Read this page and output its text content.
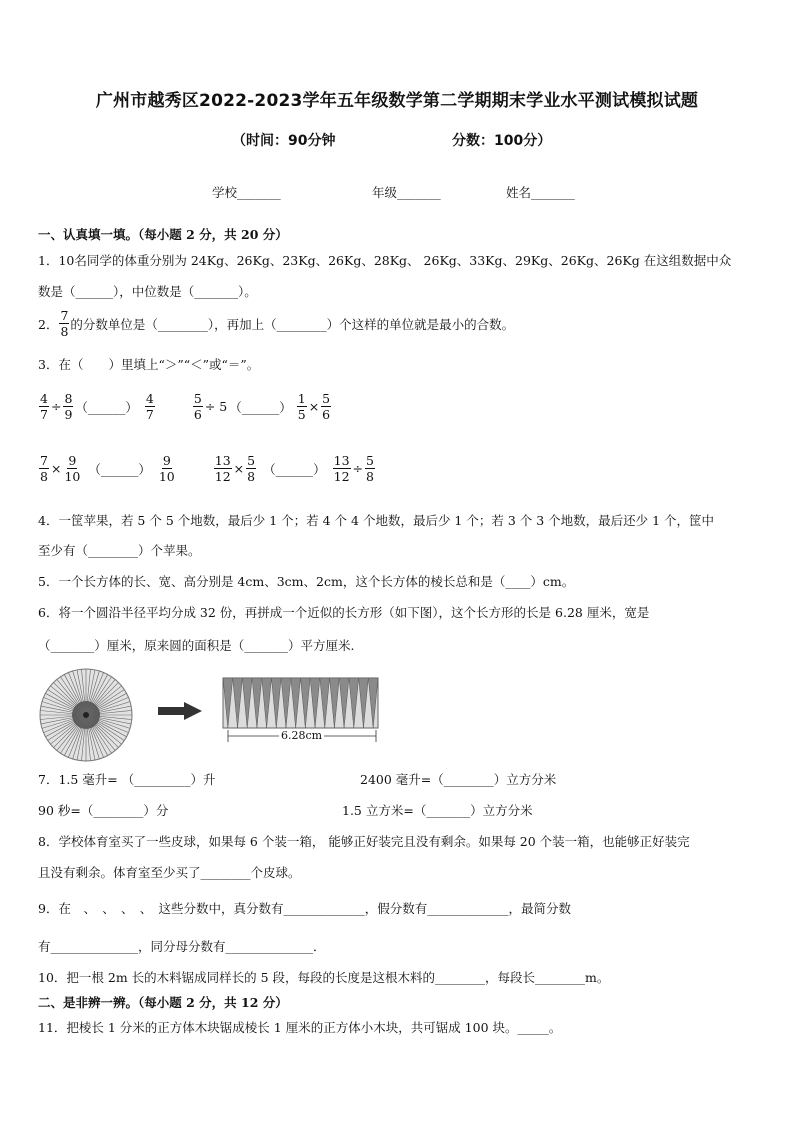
广州市越秀区2022-2023学年五年级数学第二学期期末学业水平测试模拟试题
（时间：90分钟	分数：100分）
学校_______	年级_______	姓名_______
一、认真填一填。（每小题 2 分，共 20 分）
1．10名同学的体重分别为 24Kg、26Kg、23Kg、26Kg、28Kg、 26Kg、33Kg、29Kg、26Kg、26Kg 在这组数据中众
数是（______），中位数是（_______）。
2． $\frac{7}{8}$ 的分数单位是（________），再加上（________）个这样的单位就是最小的合数。
3．在（　　）里填上“＞”“＜”或“＝”。
$\frac{4}{7} \div \frac{8}{9}$ （______） $\frac{4}{7}$	$\frac{5}{6} \div 5$ （______） $\frac{1}{5} \times \frac{5}{6}$
$\frac{7}{8} \times \frac{9}{10}$ （______） $\frac{9}{10}$	$\frac{13}{12} \times \frac{5}{8}$ （______） $\frac{13}{12} \div \frac{5}{8}$
4．一筐苹果，若 5 个 5 个地数，最后少 1 个；若 4 个 4 个地数，最后少 1 个；若 3 个 3 个地数，最后还少 1 个，筐中
至少有（________）个苹果。
5．一个长方体的长、宽、高分别是 4cm、3cm、2cm，这个长方体的棱长总和是（____）cm。
6．将一个圆沿半径平均分成 32 份，再拼成一个近似的长方形（如下图），这个长方形的长是 6.28 厘米，宽是
（_______）厘米，原来圆的面积是（_______）平方厘米.
6.28cm
7．1.5 毫升= （_________）升	2400 毫升=（________）立方分米
90 秒=（________）分	1.5 立方米=（_______）立方分米
8．学校体育室买了一些皮球，如果每 6 个装一箱， 能够正好装完且没有剩余。如果每 20 个装一箱，也能够正好装完
且没有剩余。体育室至少买了________个皮球。
9．在　、　、　、　、　这些分数中，真分数有_____________，假分数有_____________，最简分数
有______________，同分母分数有______________．
10．把一根 2m 长的木料锯成同样长的 5 段，每段的长度是这根木料的________，每段长________m。
二、是非辨一辨。（每小题 2 分，共 12 分）
11．把棱长 1 分米的正方体木块锯成棱长 1 厘米的正方体小木块，共可锯成 100 块。_____。
